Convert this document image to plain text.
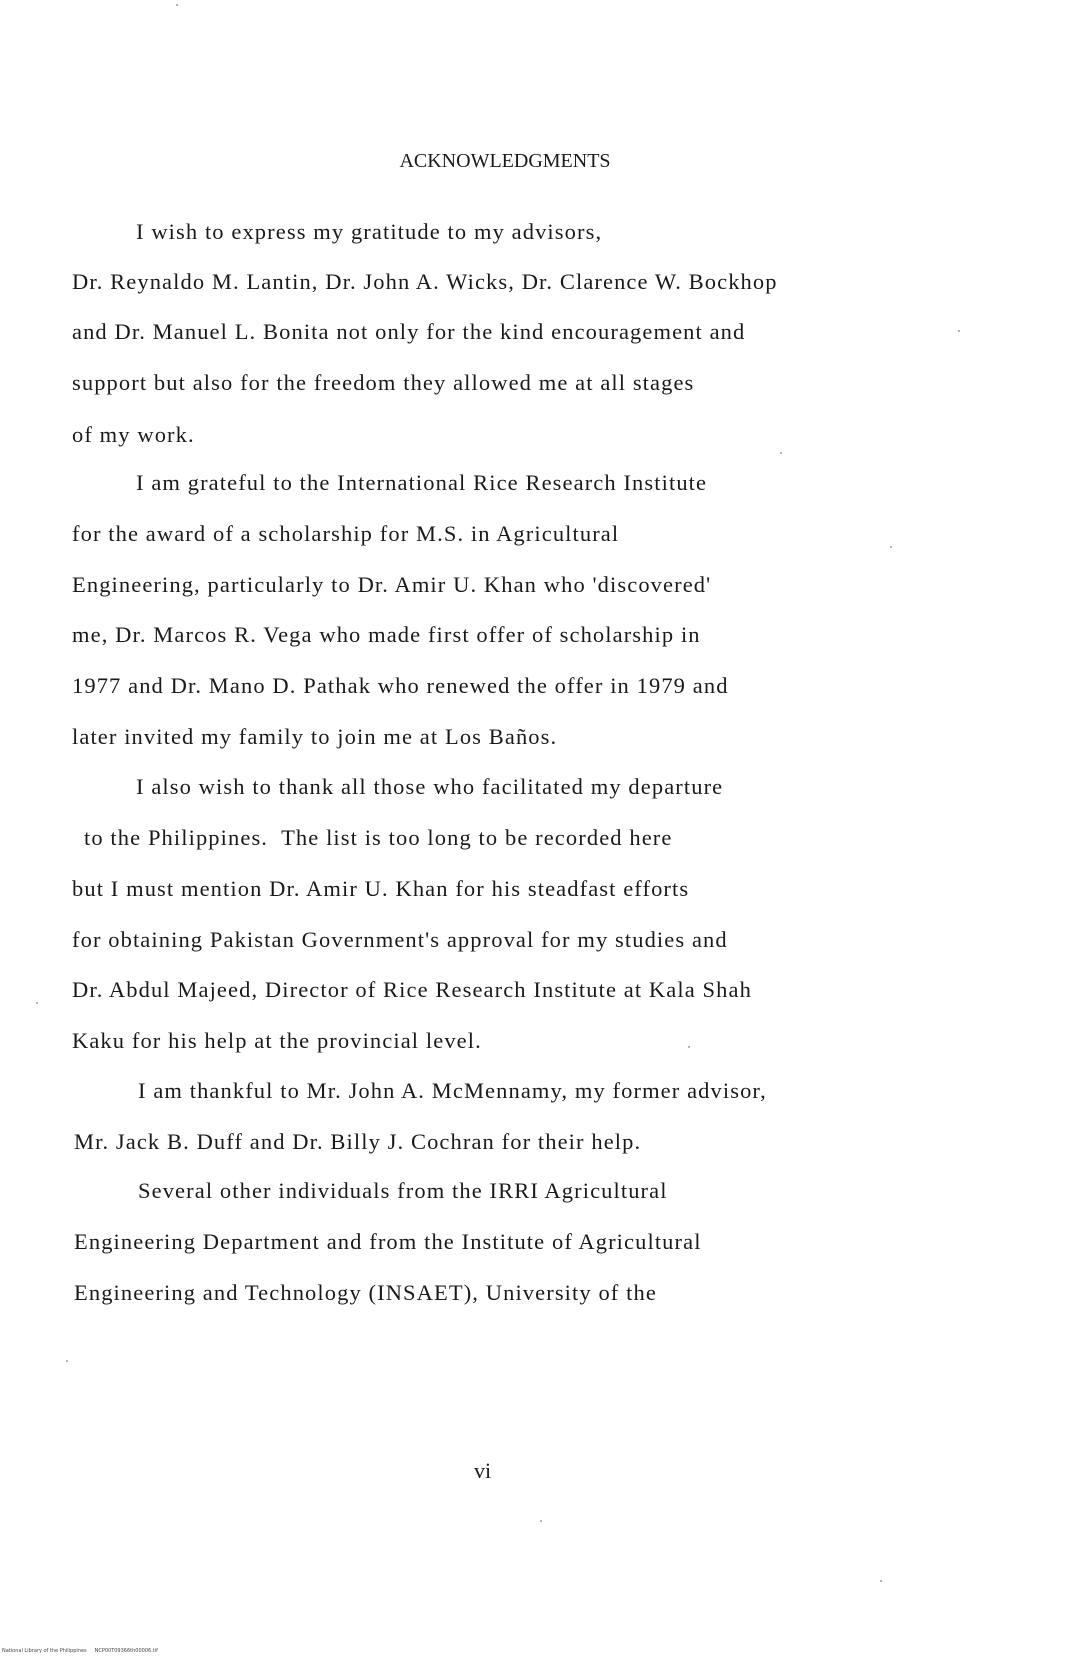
ACKNOWLEDGMENTS
I wish to express my gratitude to my advisors,
Dr. Reynaldo M. Lantin, Dr. John A. Wicks, Dr. Clarence W. Bockhop
and Dr. Manuel L. Bonita not only for the kind encouragement and
support but also for the freedom they allowed me at all stages
of my work.
I am grateful to the International Rice Research Institute
for the award of a scholarship for M.S. in Agricultural
Engineering, particularly to Dr. Amir U. Khan who 'discovered'
me, Dr. Marcos R. Vega who made first offer of scholarship in
1977 and Dr. Mano D. Pathak who renewed the offer in 1979 and
later invited my family to join me at Los Baños.
I also wish to thank all those who facilitated my departure
to the Philippines.  The list is too long to be recorded here
but I must mention Dr. Amir U. Khan for his steadfast efforts
for obtaining Pakistan Government's approval for my studies and
Dr. Abdul Majeed, Director of Rice Research Institute at Kala Shah
Kaku for his help at the provincial level.
I am thankful to Mr. John A. McMennamy, my former advisor,
Mr. Jack B. Duff and Dr. Billy J. Cochran for their help.
Several other individuals from the IRRI Agricultural
Engineering Department and from the Institute of Agricultural
Engineering and Technology (INSAET), University of the
vi
National Library of the Philippines     NCP00T09366th00006.tif
